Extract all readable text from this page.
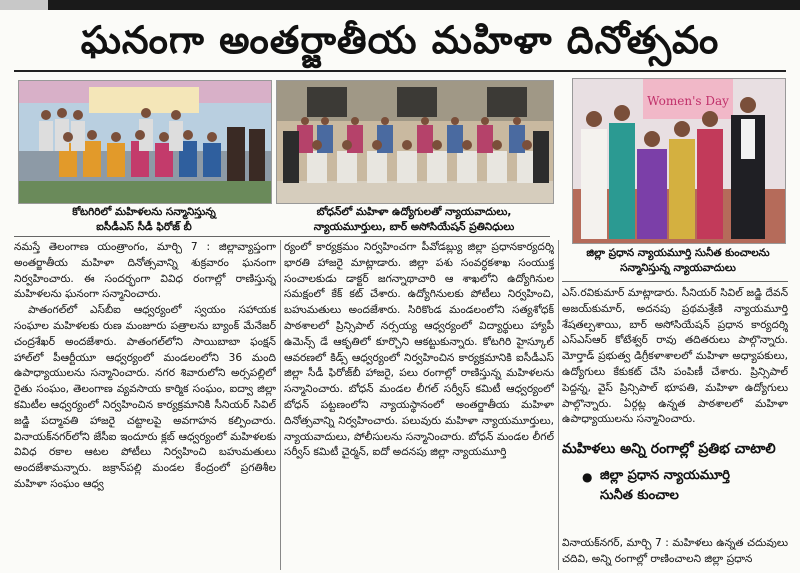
ఘనంగా అంతర్జాతీయ మహిళా దినోత్సవం
కోటగిరిలో మహిళలను సన్మానిస్తున్న
ఐసీడీఎస్‌ సీడీ ఫిరోజ్‌ బీ
బోధన్‌లో మహిళా ఉద్యోగులతో న్యాయవాదులు,
న్యాయమూర్తులు, బార్‌ అసోసియేషన్‌ ప్రతినిధులు
Women's Day
జిల్లా ప్రధాన న్యాయమూర్తి సునీత కుంచాలను
సన్మానిస్తున్న న్యాయవాదులు

నమస్తే తెలంగాణ యంత్రాంగం, మార్చి 7 : జిల్లావ్యాప్తంగా అంతర్జాతీయ మహిళా దినోత్సవాన్ని శుక్రవారం ఘనంగా నిర్వహించారు. ఈ సందర్భంగా వివిధ రంగాల్లో రాణిస్తున్న మహిళలను ఘనంగా సన్మానించారు.

పాతంగల్‌లో ఎస్‌బీఐ ఆధ్వర్యంలో స్వయం సహాయక సంఘాల మహిళలకు రుణ మంజూరు పత్రాలను బ్యాంక్‌ మేనేజర్‌ చంద్రశేఖర్‌ అందజేశారు. పాతంగల్‌లోని సాయిబాబా ఫంక్షన్‌ హాల్‌లో పీఆర్టీయూ ఆధ్వర్యంలో మండలంలోని 36 మంది ఉపాధ్యాయులను సన్మానించారు. నగర శివారులోని అర్సపల్లిలో రైతు సంఘం, తెలంగాణ వ్యవసాయ కార్మిక సంఘం, ఐద్వా జిల్లా కమిటీల ఆధ్వర్యంలో నిర్వహించిన కార్యక్రమానికి సీనియర్‌ సివిల్‌ జడ్జి పద్మావతి హాజరై చట్టాలపై అవగాహన కల్పించారు. వినాయక్‌నగర్‌లోని జేసీఐ ఇందూరు క్లబ్‌ ఆధ్వర్యంలో మహిళలకు వివిధ రకాల ఆటల పోటీలు నిర్వహించి బహుమతులు అందజేశామన్నారు. జక్రాన్‌పల్లి మండల కేంద్రంలో ప్రగతిశీల మహిళా సంఘం ఆధ్వ

ర్యంలో కార్యక్రమం నిర్వహించగా పీవోడబ్ల్యు జిల్లా ప్రధానకార్యదర్శి భారతి హాజరై మాట్లాడారు. జిల్లా పశు సంవర్ధకశాఖ సంయుక్త సంచాలకుడు డాక్టర్‌ జగన్నాథాచారి ఆ శాఖలోని ఉద్యోగినుల సమక్షంలో కేక్‌ కట్‌ చేశారు. ఉద్యోగినులకు పోటీలు నిర్వహించి, బహుమతులు అందజేశారు. సిరికొండ మండలంలోని సత్యశోధక్‌ పాఠశాలలో ప్రిన్సిపాల్‌ నర్సయ్య ఆధ్వర్యంలో విద్యార్థులు హ్యాపీ ఉమెన్స్‌ డే ఆకృతిలో కూర్చొని ఆకట్టుకున్నారు. కోటగిరి హైస్కూల్‌ ఆవరణలో కిడ్స్‌ ఆధ్వర్యంలో నిర్వహించిన కార్యక్రమానికి ఐసీడీఎస్‌ జిల్లా సీడీ ఫిరోజ్‌బీ హాజరై, పలు రంగాల్లో రాణిస్తున్న మహిళలను సన్మానించారు. బోధన్‌ మండల లీగల్‌ సర్వీస్‌ కమిటీ ఆధ్వర్యంలో బోధన్‌ పట్టణంలోని న్యాయస్థానంలో అంతర్జాతీయ మహిళా దినోత్సవాన్ని నిర్వహించారు. పలువురు మహిళా న్యాయమూర్తులు, న్యాయవాదులు, పోలీసులను సన్మానించారు. బోధన్‌ మండల లీగల్‌ సర్వీస్‌ కమిటీ చైర్మన్‌, ఐదో అదనపు జిల్లా న్యాయమూర్తి

ఎస్‌.రవికుమార్‌ మాట్లాడారు. సీనియర్‌ సివిల్‌ జడ్జి దేవన్‌ అజయ్‌కుమార్‌, అదనపు ప్రథమశ్రేణి న్యాయమూర్తి శేషతల్పశాయి, బార్‌ అసోసియేషన్‌ ప్రధాన కార్యదర్శి ఎస్‌ఎస్‌ఆర్‌ కోటేశ్వర్‌ రావు తదితరులు పాల్గొన్నారు. మోర్తాడ్‌ ప్రభుత్వ డిగ్రీకళాశాలలో మహిళా అధ్యాపకులు, ఉద్యోగులు కేకుకట్‌ చేసి పంపిణీ చేశారు. ప్రిన్సిపాల్‌ పెద్దన్న, వైస్‌ ప్రిన్సిపాల్‌ భూపతి, మహిళా ఉద్యోగులు పాల్గొన్నారు. ఏర్గట్ల ఉన్నత పాఠశాలలో మహిళా ఉపాధ్యాయులను సన్మానించారు.

మహిళలు అన్ని రంగాల్లో ప్రతిభ చాటాలి
● జిల్లా ప్రధాన న్యాయమూర్తి
సునీత కుంచాల

వినాయక్‌నగర్‌, మార్చి 7 : మహిళలు ఉన్నత చదువులు చదివి, అన్ని రంగాల్లో రాణించాలని జిల్లా ప్రధాన
